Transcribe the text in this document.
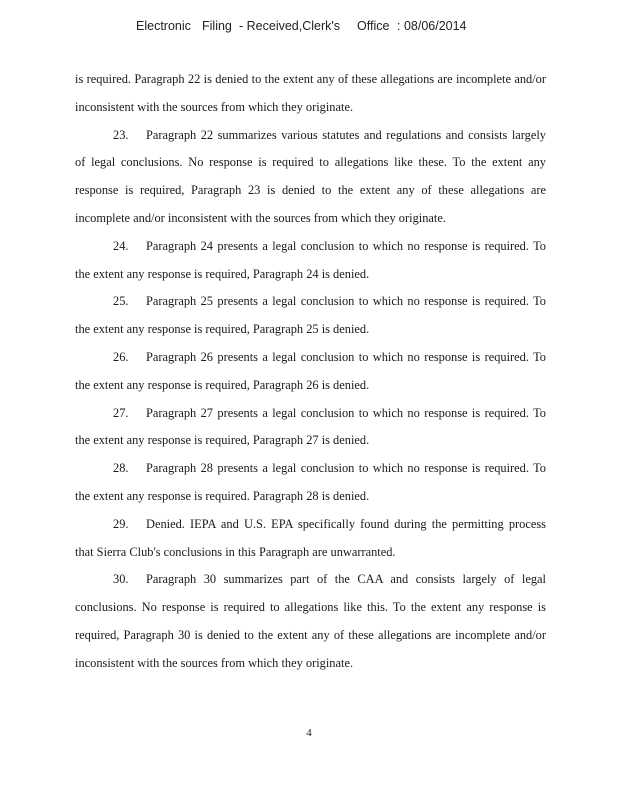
Electronic Filing - Received,Clerk's Office : 08/06/2014

is required. Paragraph 22 is denied to the extent any of these allegations are incomplete and/or inconsistent with the sources from which they originate.

23. Paragraph 22 summarizes various statutes and regulations and consists largely of legal conclusions. No response is required to allegations like these. To the extent any response is required, Paragraph 23 is denied to the extent any of these allegations are incomplete and/or inconsistent with the sources from which they originate.

24. Paragraph 24 presents a legal conclusion to which no response is required. To the extent any response is required, Paragraph 24 is denied.

25. Paragraph 25 presents a legal conclusion to which no response is required. To the extent any response is required, Paragraph 25 is denied.

26. Paragraph 26 presents a legal conclusion to which no response is required. To the extent any response is required, Paragraph 26 is denied.

27. Paragraph 27 presents a legal conclusion to which no response is required. To the extent any response is required, Paragraph 27 is denied.

28. Paragraph 28 presents a legal conclusion to which no response is required. To the extent any response is required. Paragraph 28 is denied.

29. Denied. IEPA and U.S. EPA specifically found during the permitting process that Sierra Club's conclusions in this Paragraph are unwarranted.

30. Paragraph 30 summarizes part of the CAA and consists largely of legal conclusions. No response is required to allegations like this. To the extent any response is required, Paragraph 30 is denied to the extent any of these allegations are incomplete and/or inconsistent with the sources from which they originate.

4
